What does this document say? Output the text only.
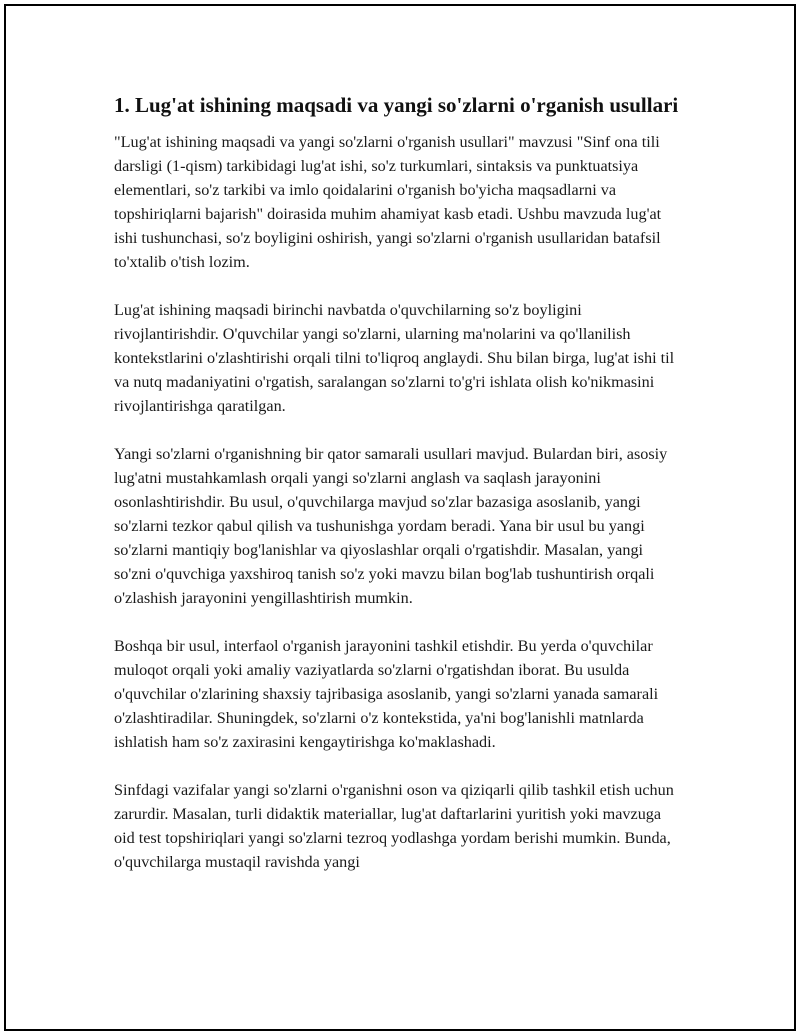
1. Lug'at ishining maqsadi va yangi so'zlarni o'rganish usullari

"Lug'at ishining maqsadi va yangi so'zlarni o'rganish usullari" mavzusi "Sinf ona tili darsligi (1-qism) tarkibidagi lug'at ishi, so'z turkumlari, sintaksis va punktuatsiya elementlari, so'z tarkibi va imlo qoidalarini o'rganish bo'yicha maqsadlarni va topshiriqlarni bajarish" doirasida muhim ahamiyat kasb etadi. Ushbu mavzuda lug'at ishi tushunchasi, so'z boyligini oshirish, yangi so'zlarni o'rganish usullaridan batafsil to'xtalib o'tish lozim.

Lug'at ishining maqsadi birinchi navbatda o'quvchilarning so'z boyligini rivojlantirishdir. O'quvchilar yangi so'zlarni, ularning ma'nolarini va qo'llanilish kontekstlarini o'zlashtirishi orqali tilni to'liqroq anglaydi. Shu bilan birga, lug'at ishi til va nutq madaniyatini o'rgatish, saralangan so'zlarni to'g'ri ishlata olish ko'nikmasini rivojlantirishga qaratilgan.

Yangi so'zlarni o'rganishning bir qator samarali usullari mavjud. Bulardan biri, asosiy lug'atni mustahkamlash orqali yangi so'zlarni anglash va saqlash jarayonini osonlashtirishdir. Bu usul, o'quvchilarga mavjud so'zlar bazasiga asoslanib, yangi so'zlarni tezkor qabul qilish va tushunishga yordam beradi. Yana bir usul bu yangi so'zlarni mantiqiy bog'lanishlar va qiyoslashlar orqali o'rgatishdir. Masalan, yangi so'zni o'quvchiga yaxshiroq tanish so'z yoki mavzu bilan bog'lab tushuntirish orqali o'zlashish jarayonini yengillashtirish mumkin.

Boshqa bir usul, interfaol o'rganish jarayonini tashkil etishdir. Bu yerda o'quvchilar muloqot orqali yoki amaliy vaziyatlarda so'zlarni o'rgatishdan iborat. Bu usulda o'quvchilar o'zlarining shaxsiy tajribasiga asoslanib, yangi so'zlarni yanada samarali o'zlashtiradilar. Shuningdek, so'zlarni o'z kontekstida, ya'ni bog'lanishli matnlarda ishlatish ham so'z zaxirasini kengaytirishga ko'maklashadi.

Sinfdagi vazifalar yangi so'zlarni o'rganishni oson va qiziqarli qilib tashkil etish uchun zarurdir. Masalan, turli didaktik materiallar, lug'at daftarlarini yuritish yoki mavzuga oid test topshiriqlari yangi so'zlarni tezroq yodlashga yordam berishi mumkin. Bunda, o'quvchilarga mustaqil ravishda yangi
